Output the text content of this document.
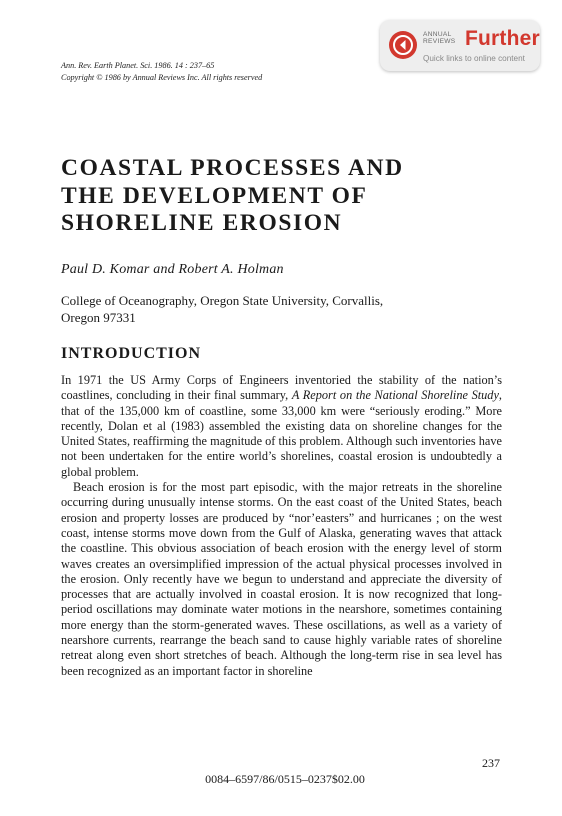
Ann. Rev. Earth Planet. Sci. 1986. 14 : 237–65
Copyright © 1986 by Annual Reviews Inc. All rights reserved
ANNUAL
REVIEWS Further
Quick links to online content
COASTAL PROCESSES AND
THE DEVELOPMENT OF
SHORELINE EROSION
Paul D. Komar and Robert A. Holman
College of Oceanography, Oregon State University, Corvallis,
Oregon 97331
INTRODUCTION

In 1971 the US Army Corps of Engineers inventoried the stability of the nation’s coastlines, concluding in their final summary, A Report on the National Shoreline Study, that of the 135,000 km of coastline, some 33,000 km were “seriously eroding.” More recently, Dolan et al (1983) assembled the existing data on shoreline changes for the United States, reaffirming the magnitude of this problem. Although such inventories have not been undertaken for the entire world’s shorelines, coastal erosion is undoubtedly a global problem.

Beach erosion is for the most part episodic, with the major retreats in the shoreline occurring during unusually intense storms. On the east coast of the United States, beach erosion and property losses are produced by “nor’easters” and hurricanes ; on the west coast, intense storms move down from the Gulf of Alaska, generating waves that attack the coastline. This obvious association of beach erosion with the energy level of storm waves creates an oversimplified impression of the actual physical processes involved in the erosion. Only recently have we begun to understand and appreciate the diversity of processes that are actually involved in coastal erosion. It is now recognized that long-period oscillations may dominate water motions in the nearshore, sometimes containing more energy than the storm-generated waves. These oscillations, as well as a variety of nearshore currents, rearrange the beach sand to cause highly variable rates of shoreline retreat along even short stretches of beach. Although the long-term rise in sea level has been recognized as an important factor in shoreline

237
0084–6597/86/0515–0237$02.00
